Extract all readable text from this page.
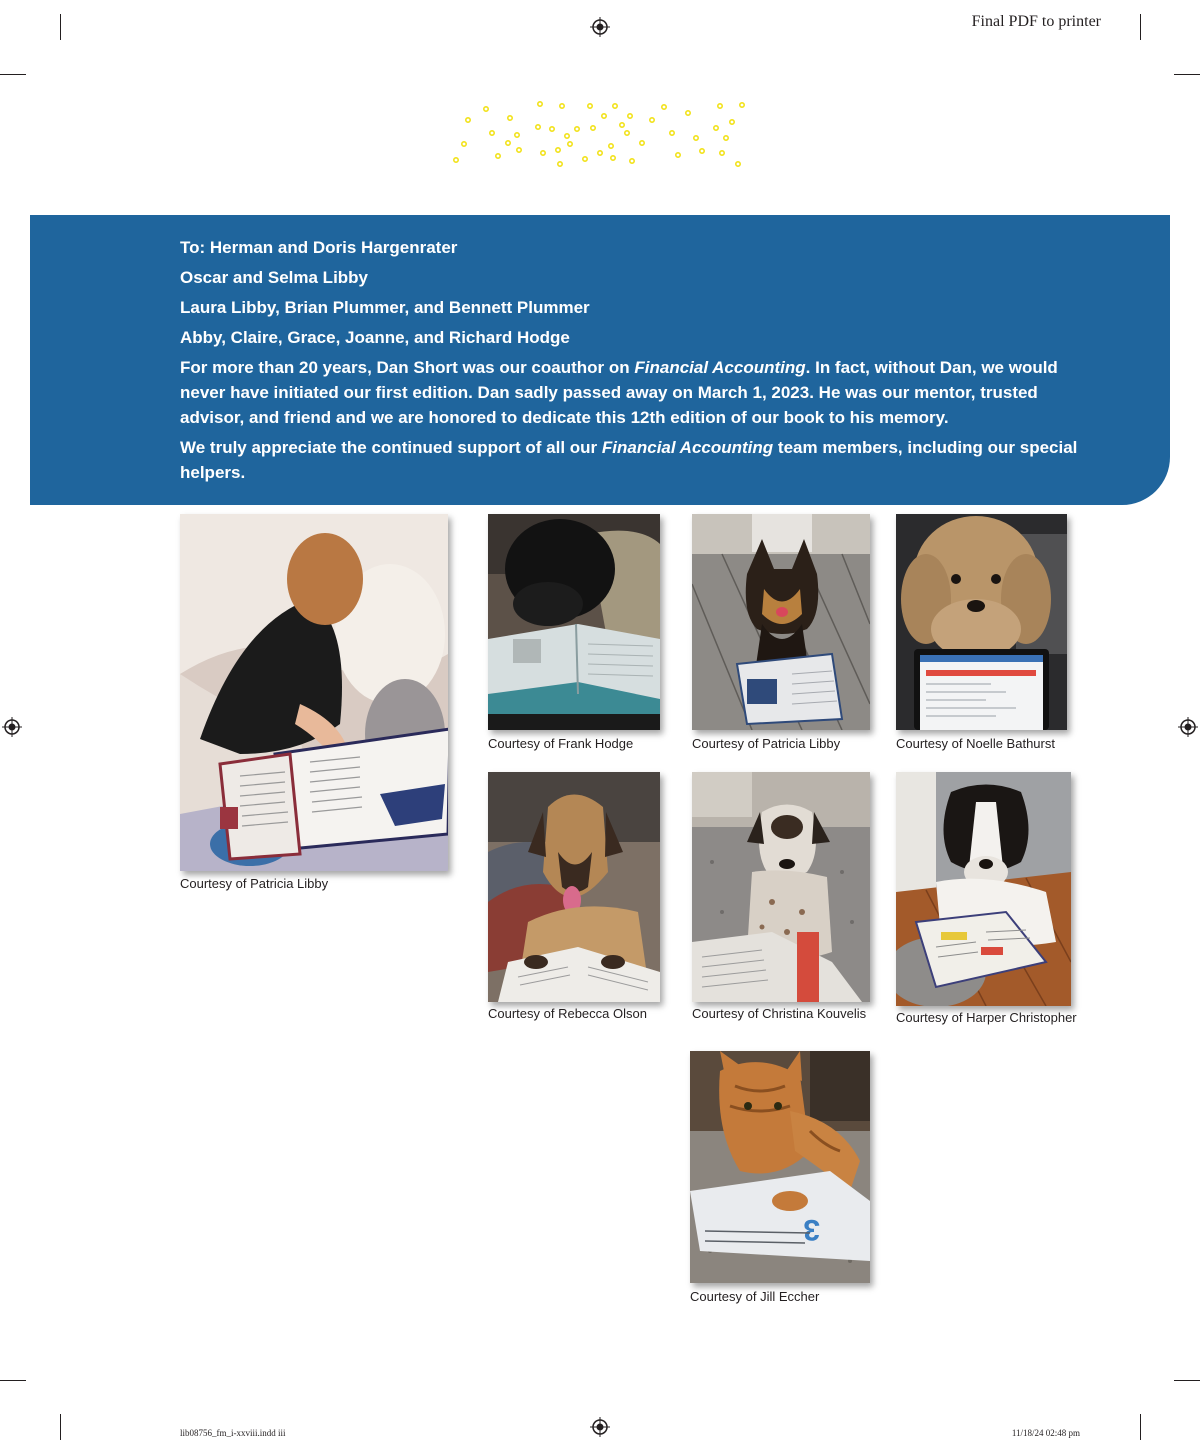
Final PDF to printer

To: Herman and Doris Hargenrater

Oscar and Selma Libby

Laura Libby, Brian Plummer, and Bennett Plummer

Abby, Claire, Grace, Joanne, and Richard Hodge

For more than 20 years, Dan Short was our coauthor on Financial Accounting. In fact, without Dan, we would never have initiated our first edition. Dan sadly passed away on March 1, 2023. He was our mentor, trusted advisor, and friend and we are honored to dedicate this 12th edition of our book to his memory.

We truly appreciate the continued support of all our Financial Accounting team members, including our special helpers.

Courtesy of Patricia Libby
Courtesy of Frank Hodge	Courtesy of Patricia Libby	Courtesy of Noelle Bathurst
Courtesy of Rebecca Olson	Courtesy of Christina Kouvelis Courtesy of Harper Christopher
3
Courtesy of Jill Eccher
lib08756_fm_i-xxviii.indd iii	11/18/24 02:48 pm
